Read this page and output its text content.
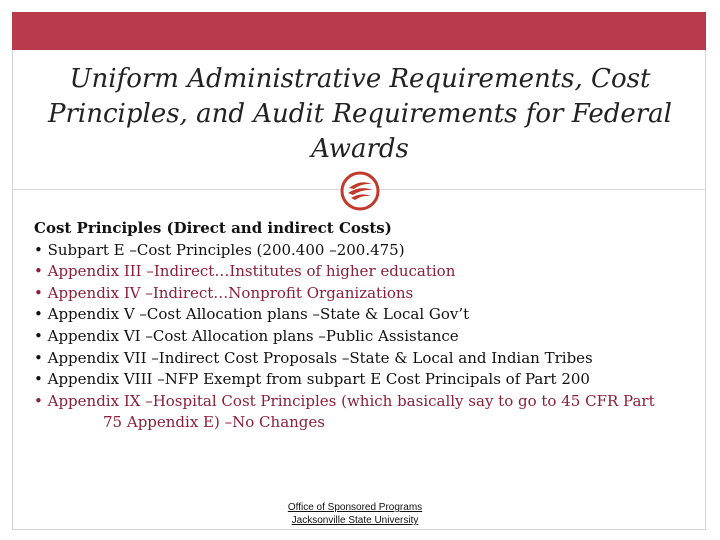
Uniform Administrative Requirements, Cost Principles, and Audit Requirements for Federal Awards
Cost Principles (Direct and indirect Costs)
• Subpart E –Cost Principles (200.400 –200.475)
• Appendix III –Indirect…Institutes of higher education
• Appendix IV –Indirect…Nonprofit Organizations
• Appendix V –Cost Allocation plans –State & Local Gov’t
• Appendix VI –Cost Allocation plans –Public Assistance
• Appendix VII –Indirect Cost Proposals –State & Local and Indian Tribes
• Appendix VIII –NFP Exempt from subpart E Cost Principals of Part 200
• Appendix IX –Hospital Cost Principles (which basically say to go to 45 CFR Part
75 Appendix E) –No Changes
Office of Sponsored Programs
Jacksonville State University
